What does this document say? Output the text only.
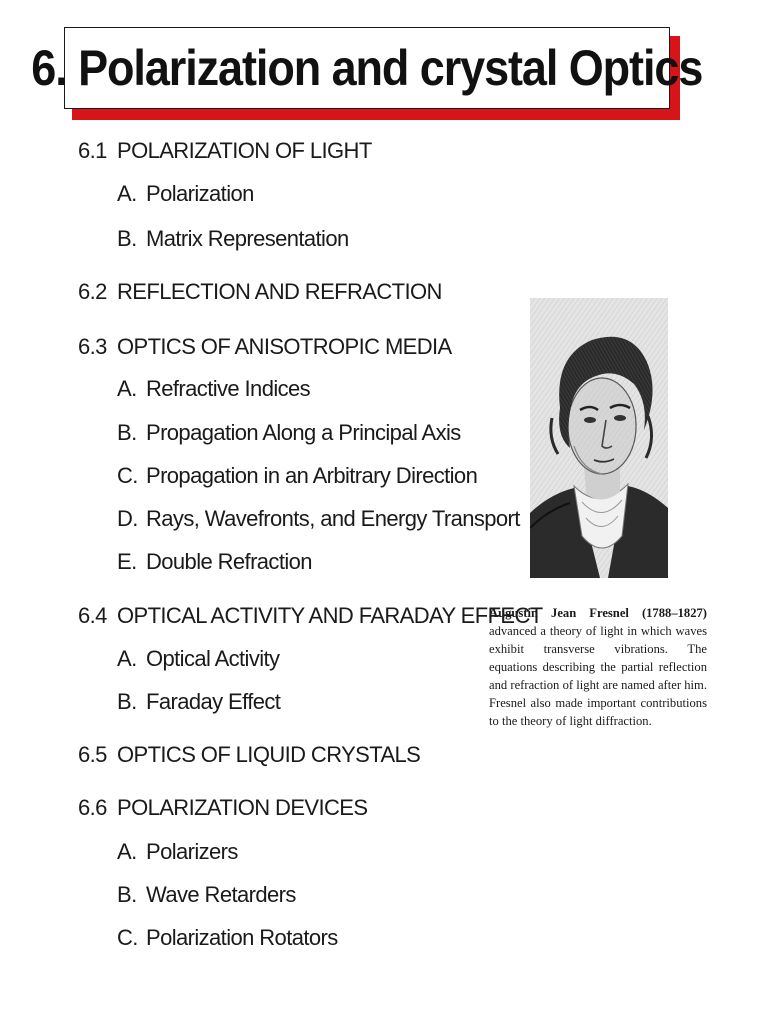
6. Polarization and crystal Optics
6.1 POLARIZATION OF LIGHT
A. Polarization
B. Matrix Representation
6.2 REFLECTION AND REFRACTION
6.3 OPTICS OF ANISOTROPIC MEDIA
A. Refractive Indices
B. Propagation Along a Principal Axis
C. Propagation in an Arbitrary Direction
D. Rays, Wavefronts, and Energy Transport
E. Double Refraction
6.4 OPTICAL ACTIVITY AND FARADAY EFFECT
A. Optical Activity
B. Faraday Effect
6.5 OPTICS OF LIQUID CRYSTALS
6.6 POLARIZATION DEVICES
A. Polarizers
B. Wave Retarders
C. Polarization Rotators
Augustin Jean Fresnel (1788–1827) advanced a theory of light in which waves exhibit transverse vibrations. The equations describing the partial reflection and refraction of light are named after him. Fresnel also made important contributions to the theory of light diffraction.
